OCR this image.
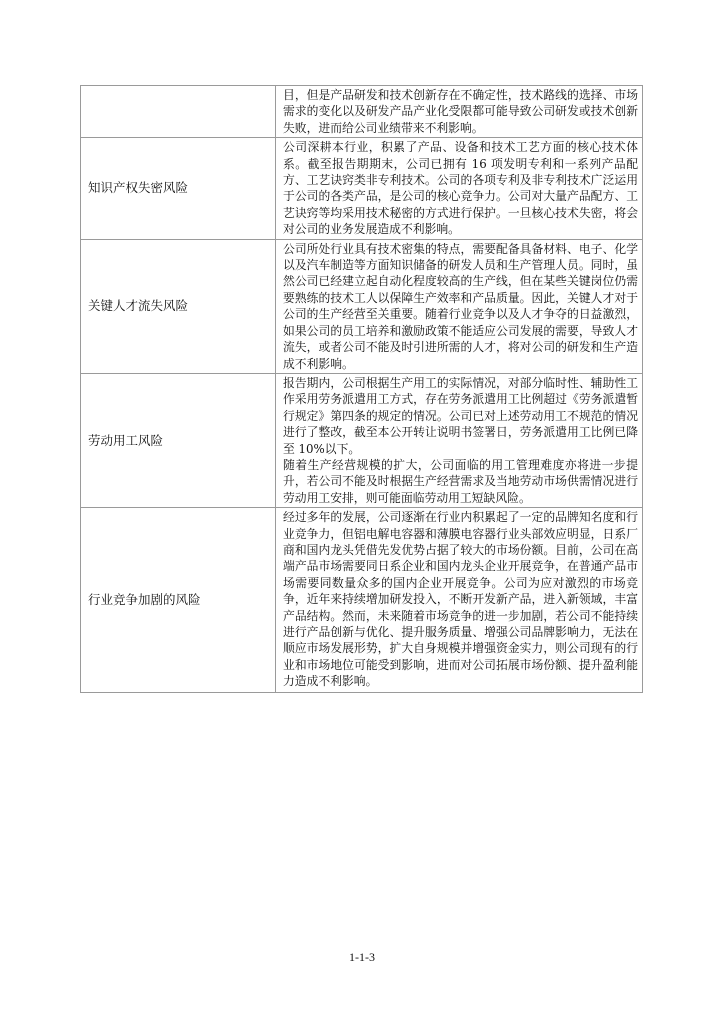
	目，但是产品研发和技术创新存在不确定性，技术路线的选择、市场需求的变化以及研发产品产业化受限都可能导致公司研发或技术创新失败，进而给公司业绩带来不利影响。

知识产权失密风险	公司深耕本行业，积累了产品、设备和技术工艺方面的核心技术体系。截至报告期期末，公司已拥有 16 项发明专利和一系列产品配方、工艺诀窍类非专利技术。公司的各项专利及非专利技术广泛运用于公司的各类产品，是公司的核心竞争力。公司对大量产品配方、工艺诀窍等均采用技术秘密的方式进行保护。一旦核心技术失密，将会对公司的业务发展造成不利影响。

关键人才流失风险	公司所处行业具有技术密集的特点，需要配备具备材料、电子、化学以及汽车制造等方面知识储备的研发人员和生产管理人员。同时，虽然公司已经建立起自动化程度较高的生产线，但在某些关键岗位仍需要熟练的技术工人以保障生产效率和产品质量。因此，关键人才对于公司的生产经营至关重要。随着行业竞争以及人才争夺的日益激烈，如果公司的员工培养和激励政策不能适应公司发展的需要，导致人才流失，或者公司不能及时引进所需的人才，将对公司的研发和生产造成不利影响。

劳动用工风险	报告期内，公司根据生产用工的实际情况，对部分临时性、辅助性工作采用劳务派遣用工方式，存在劳务派遣用工比例超过《劳务派遣暂行规定》第四条的规定的情况。公司已对上述劳动用工不规范的情况进行了整改，截至本公开转让说明书签署日，劳务派遣用工比例已降至 10%以下。

随着生产经营规模的扩大，公司面临的用工管理难度亦将进一步提升，若公司不能及时根据生产经营需求及当地劳动市场供需情况进行劳动用工安排，则可能面临劳动用工短缺风险。

行业竞争加剧的风险	经过多年的发展，公司逐渐在行业内积累起了一定的品牌知名度和行业竞争力，但铝电解电容器和薄膜电容器行业头部效应明显，日系厂商和国内龙头凭借先发优势占据了较大的市场份额。目前，公司在高端产品市场需要同日系企业和国内龙头企业开展竞争，在普通产品市场需要同数量众多的国内企业开展竞争。公司为应对激烈的市场竞争，近年来持续增加研发投入，不断开发新产品，进入新领域，丰富产品结构。然而，未来随着市场竞争的进一步加剧，若公司不能持续进行产品创新与优化、提升服务质量、增强公司品牌影响力，无法在顺应市场发展形势，扩大自身规模并增强资金实力，则公司现有的行业和市场地位可能受到影响，进而对公司拓展市场份额、提升盈利能力造成不利影响。

1-1-3
